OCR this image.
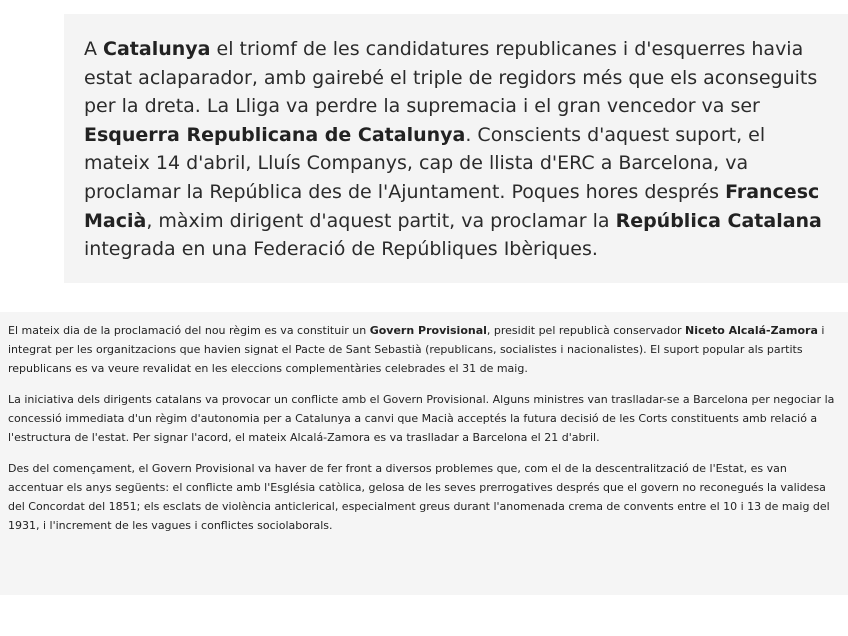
A Catalunya el triomf de les candidatures republicanes i d'esquerres havia estat aclaparador, amb gairebé el triple de regidors més que els aconseguits per la dreta. La Lliga va perdre la supremacia i el gran vencedor va ser Esquerra Republicana de Catalunya. Conscients d'aquest suport, el mateix 14 d'abril, Lluís Companys, cap de llista d'ERC a Barcelona, va proclamar la República des de l'Ajuntament. Poques hores després Francesc Macià, màxim dirigent d'aquest partit, va proclamar la República Catalana integrada en una Federació de Repúbliques Ibèriques.

El mateix dia de la proclamació del nou règim es va constituir un Govern Provisional, presidit pel republicà conservador Niceto Alcalá-Zamora i integrat per les organitzacions que havien signat el Pacte de Sant Sebastià (republicans, socialistes i nacionalistes). El suport popular als partits republicans es va veure revalidat en les eleccions complementàries celebrades el 31 de maig.

La iniciativa dels dirigents catalans va provocar un conflicte amb el Govern Provisional. Alguns ministres van traslladar-se a Barcelona per negociar la concessió immediata d'un règim d'autonomia per a Catalunya a canvi que Macià acceptés la futura decisió de les Corts constituents amb relació a l'estructura de l'estat. Per signar l'acord, el mateix Alcalá-Zamora es va traslladar a Barcelona el 21 d'abril.

Des del començament, el Govern Provisional va haver de fer front a diversos problemes que, com el de la descentralització de l'Estat, es van accentuar els anys següents: el conflicte amb l'Església catòlica, gelosa de les seves prerrogatives després que el govern no reconegués la validesa del Concordat del 1851; els esclats de violència anticlerical, especialment greus durant l'anomenada crema de convents entre el 10 i 13 de maig del 1931, i l'increment de les vagues i conflictes sociolaborals.
